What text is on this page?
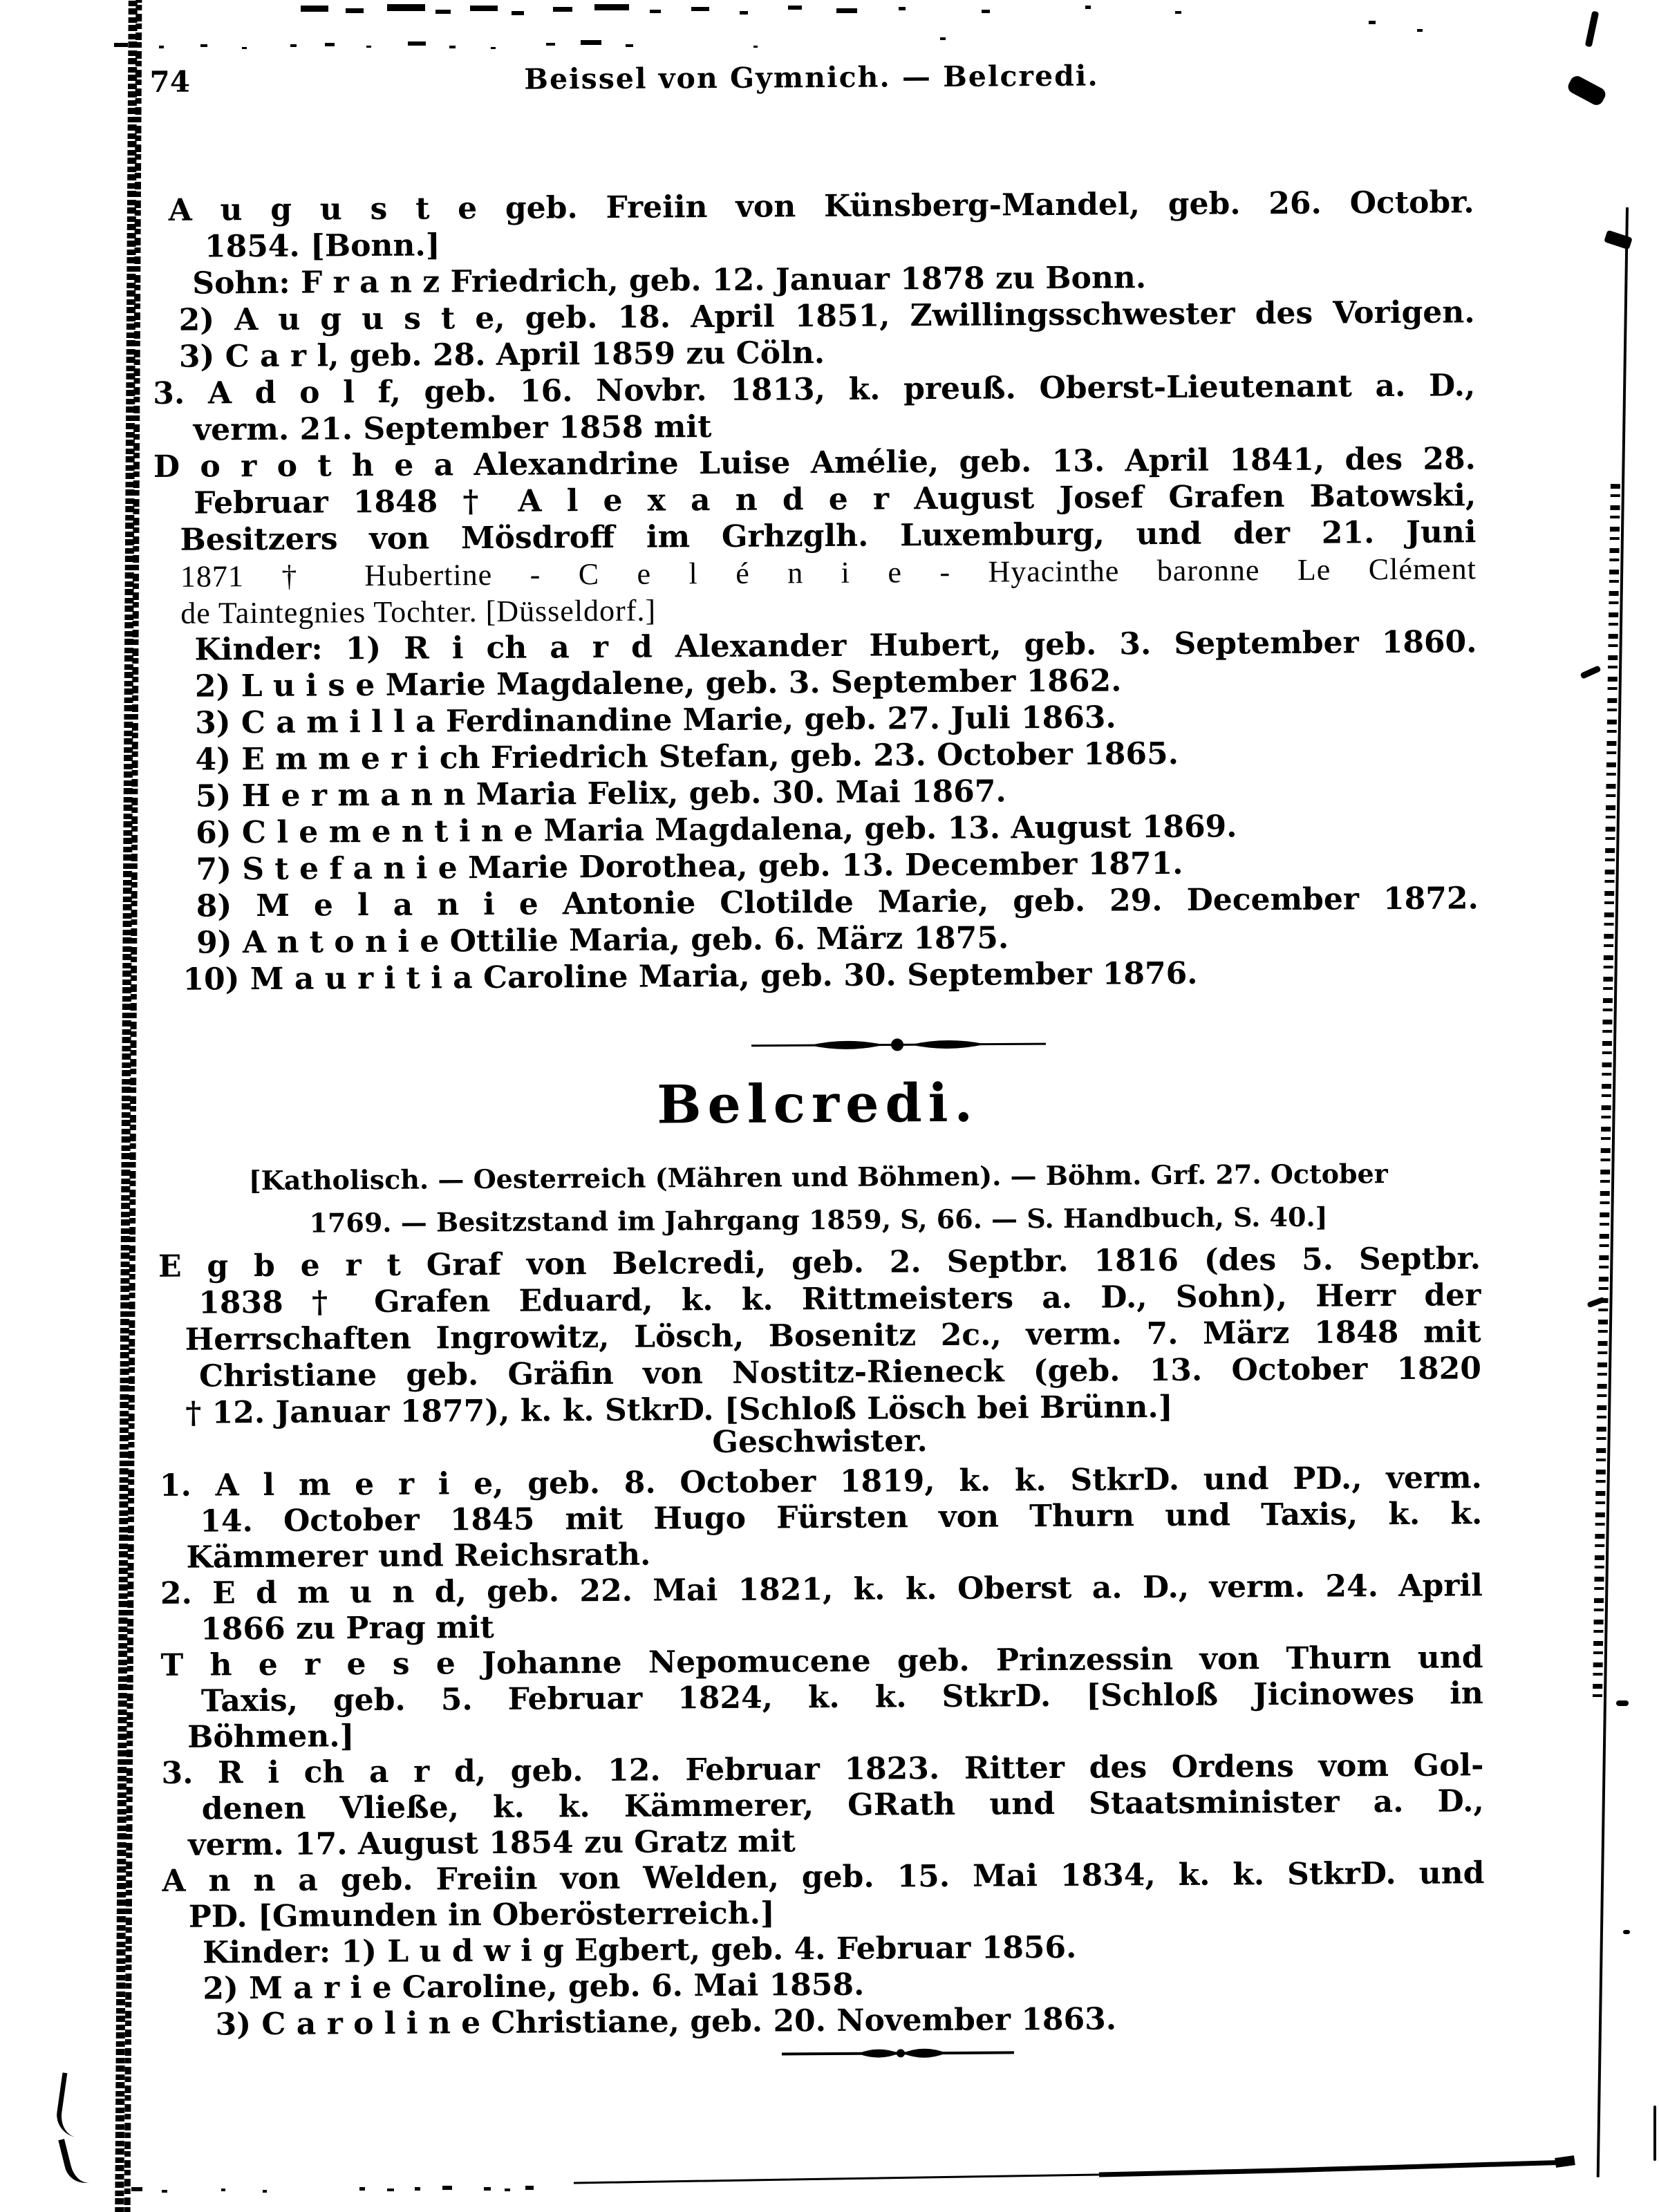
74	Beissel von Gymnich. — Belcredi.
A u g u s t e geb. Freiin von Künsberg-Mandel, geb. 26. Octobr.
1854. [Bonn.]
Sohn: F r a n z Friedrich, geb. 12. Januar 1878 zu Bonn.
2) A u g u s t e, geb. 18. April 1851, Zwillingsschwester des Vorigen.
3) C a r l, geb. 28. April 1859 zu Cöln.
3. A d o l f, geb. 16. Novbr. 1813, k. preuß. Oberst-Lieutenant a. D.,
verm. 21. September 1858 mit
D o r o t h e a Alexandrine Luise Amélie, geb. 13. April 1841, des 28.
Februar 1848 † A l e x a n d e r August Josef Grafen Batowski,
Besitzers von Mösdroff im Grhzglh. Luxemburg, und der 21. Juni
1871 † Hubertine - C e l é n i e - Hyacinthe baronne Le Clément
de Taintegnies Tochter. [Düsseldorf.]
Kinder: 1) R i ch a r d Alexander Hubert, geb. 3. September 1860.
2) L u i s e Marie Magdalene, geb. 3. September 1862.
3) C a m i l l a Ferdinandine Marie, geb. 27. Juli 1863.
4) E m m e r i ch Friedrich Stefan, geb. 23. October 1865.
5) H e r m a n n Maria Felix, geb. 30. Mai 1867.
6) C l e m e n t i n e Maria Magdalena, geb. 13. August 1869.
7) S t e f a n i e Marie Dorothea, geb. 13. December 1871.
8) M e l a n i e Antonie Clotilde Marie, geb. 29. December 1872.
9) A n t o n i e Ottilie Maria, geb. 6. März 1875.
10) M a u r i t i a Caroline Maria, geb. 30. September 1876.
Belcredi.
[Katholisch. — Oesterreich (Mähren und Böhmen). — Böhm. Grf. 27. October
1769. — Besitzstand im Jahrgang 1859, S, 66. — S. Handbuch, S. 40.]
E g b e r t Graf von Belcredi, geb. 2. Septbr. 1816 (des 5. Septbr.
1838 † Grafen Eduard, k. k. Rittmeisters a. D., Sohn), Herr der
Herrschaften Ingrowitz, Lösch, Bosenitz 2c., verm. 7. März 1848 mit
Christiane geb. Gräfin von Nostitz-Rieneck (geb. 13. October 1820
† 12. Januar 1877), k. k. StkrD. [Schloß Lösch bei Brünn.]
Geschwister.
1. A l m e r i e, geb. 8. October 1819, k. k. StkrD. und PD., verm.
14. October 1845 mit Hugo Fürsten von Thurn und Taxis, k. k.
Kämmerer und Reichsrath.
2. E d m u n d, geb. 22. Mai 1821, k. k. Oberst a. D., verm. 24. April
1866 zu Prag mit
T h e r e s e Johanne Nepomucene geb. Prinzessin von Thurn und
Taxis, geb. 5. Februar 1824, k. k. StkrD. [Schloß Jicinowes in
Böhmen.]
3. R i ch a r d, geb. 12. Februar 1823. Ritter des Ordens vom Gol-
denen Vließe, k. k. Kämmerer, GRath und Staatsminister a. D.,
verm. 17. August 1854 zu Gratz mit
A n n a geb. Freiin von Welden, geb. 15. Mai 1834, k. k. StkrD. und
PD. [Gmunden in Oberösterreich.]
Kinder: 1) L u d w i g Egbert, geb. 4. Februar 1856.
2) M a r i e Caroline, geb. 6. Mai 1858.
3) C a r o l i n e Christiane, geb. 20. November 1863.
